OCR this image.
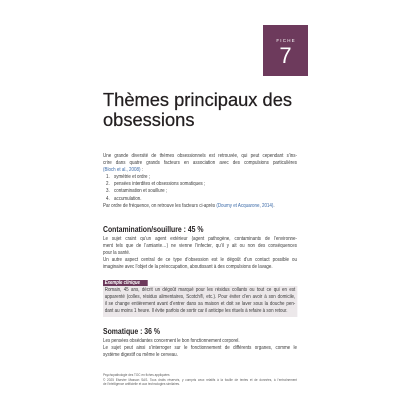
FICHE
7
Thèmes principaux des obsessions
Une grande diversité de thèmes obsessionnels est retrouvée, qui peut cependant s’ins-
crire dans quatre grands facteurs en association avec des compulsions particulières
(Bloch et al., 2008) :
1. symétrie et ordre ;
2. pensées interdites et obsessions somatiques ;
3. contamination et souillure ;
4. accumulation.
Par ordre de fréquence, on retrouve les facteurs ci-après (Doumy et Acquarone, 2014).
Contamination/souillure : 45 %
Le sujet craint qu’un agent extérieur (agent pathogène, contaminants de l’environne-
ment tels que de l’amiante…) ne vienne l’infecter, qu’il y ait ou non des conséquences
pour la santé.
Un autre aspect central de ce type d’obsession est le dégoût d’un contact possible ou
imaginaire avec l’objet de la préoccupation, aboutissant à des compulsions de lavage.
Exemple clinique
Romain, 45 ans, décrit un dégoût marqué pour les résidus collants ou tout ce qui en est
apparenté (colles, résidus alimentaires, Scotch®, etc.). Pour éviter d’en avoir à son domicile,
il se change entièrement avant d’entrer dans sa maison et doit se laver sous la douche pen-
dant au moins 1 heure. Il évite parfois de sortir car il anticipe les rituels à refaire à son retour.
Somatique : 36 %
Les pensées obsédantes concernent le bon fonctionnement corporel.
Le sujet peut ainsi s’interroger sur le fonctionnement de différents organes, comme le
système digestif ou même le cerveau.
Psychopathologie des TOC en fiches appliquées
© 2025 Elsevier Masson SAS. Tous droits réservés, y compris ceux relatifs à la fouille de textes et de données, à l’entraînement
de l’intelligence artificielle et aux technologies similaires.
